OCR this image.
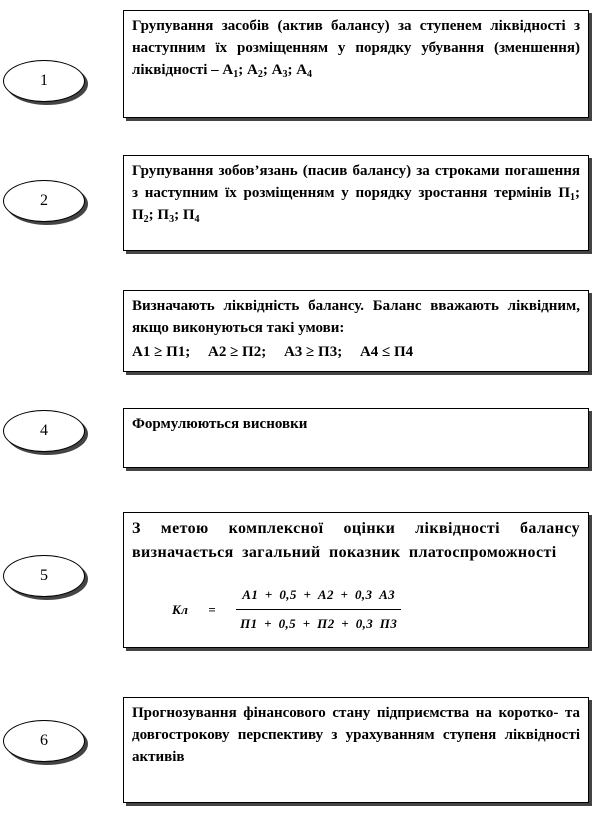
1

Групування засобів (актив балансу) за ступенем ліквідності з наступним їх розміщенням у порядку убування (зменшення) ліквідності – $А_1$; $А_2$; $А_3$; $А_4$

2

Групування зобов’язань (пасив балансу) за строками погашення з наступним їх розміщенням у порядку зростання термінів $П_1$; $П_2$; $П_3$; $П_4$

Визначають ліквідність балансу. Баланс вважають ліквідним, якщо виконуються такі умови:

А1 ≥ П1; А2 ≥ П2; А3 ≥ П3; А4 ≤ П4
4	Формулюються висновки

5

З метою комплексної оцінки ліквідності балансу визначається загальний показник платоспроможності

Кл = $\frac{А1 + 0,5 + А2 + 0,3 А3}{П1 + 0,5 + П2 + 0,3 П3}$
6

Прогнозування фінансового стану підприємства на коротко- та довгострокову перспективу з урахуванням ступеня ліквідності активів
